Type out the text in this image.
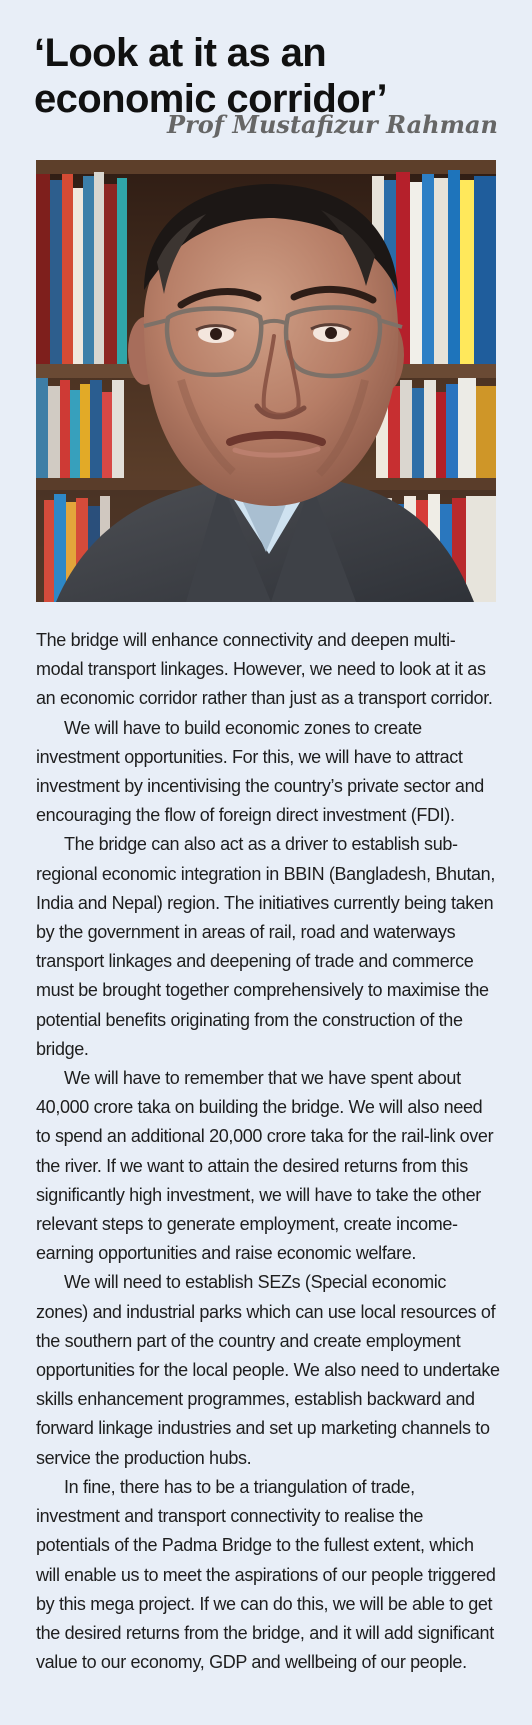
‘Look at it as an economic corridor’

Prof Mustafizur Rahman

The bridge will enhance connectivity and deepen multi-modal transport linkages. However, we need to look at it as an economic corridor rather than just as a transport corridor.

We will have to build economic zones to create investment opportunities. For this, we will have to attract investment by incentivising the country’s private sector and encouraging the flow of foreign direct investment (FDI).

The bridge can also act as a driver to establish sub-regional economic integration in BBIN (Bangladesh, Bhutan, India and Nepal) region. The initiatives currently being taken by the government in areas of rail, road and waterways transport linkages and deepening of trade and commerce must be brought together comprehensively to maximise the potential benefits originating from the construction of the bridge.

We will have to remember that we have spent about 40,000 crore taka on building the bridge. We will also need to spend an additional 20,000 crore taka for the rail-link over the river. If we want to attain the desired returns from this significantly high investment, we will have to take the other relevant steps to generate employment, create income-earning opportunities and raise economic welfare.

We will need to establish SEZs (Special economic zones) and industrial parks which can use local resources of the southern part of the country and create employment opportunities for the local people. We also need to undertake skills enhancement programmes, establish backward and forward linkage industries and set up marketing channels to service the production hubs.

In fine, there has to be a triangulation of trade, investment and transport connectivity to realise the potentials of the Padma Bridge to the fullest extent, which will enable us to meet the aspirations of our people triggered by this mega project. If we can do this, we will be able to get the desired returns from the bridge, and it will add significant value to our economy, GDP and wellbeing of our people.
